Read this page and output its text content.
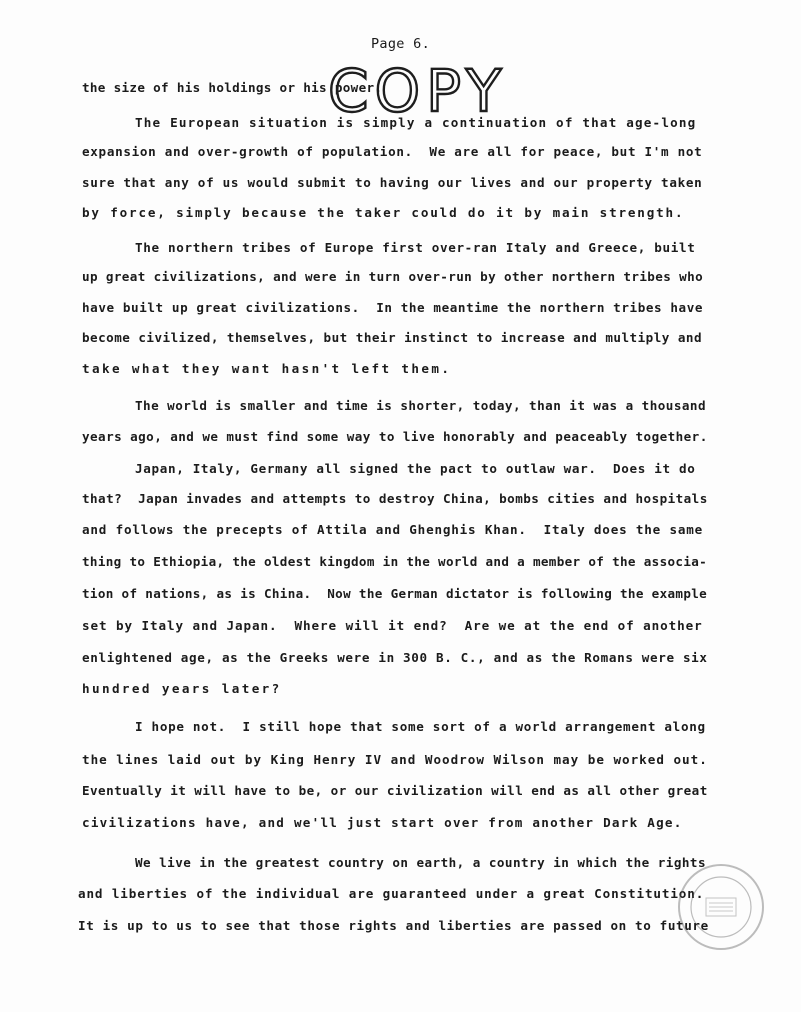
Page 6.
the size of his holdings or his power.
The European situation is simply a continuation of that age-long
expansion and over-growth of population.  We are all for peace, but I'm not
sure that any of us would submit to having our lives and our property taken
by force, simply because the taker could do it by main strength.
The northern tribes of Europe first over-ran Italy and Greece, built
up great civilizations, and were in turn over-run by other northern tribes who
have built up great civilizations.  In the meantime the northern tribes have
become civilized, themselves, but their instinct to increase and multiply and
take what they want hasn't left them.
The world is smaller and time is shorter, today, than it was a thousand
years ago, and we must find some way to live honorably and peaceably together.
Japan, Italy, Germany all signed the pact to outlaw war.  Does it do
that?  Japan invades and attempts to destroy China, bombs cities and hospitals
and follows the precepts of Attila and Ghenghis Khan.  Italy does the same
thing to Ethiopia, the oldest kingdom in the world and a member of the associa-
tion of nations, as is China.  Now the German dictator is following the example
set by Italy and Japan.  Where will it end?  Are we at the end of another
enlightened age, as the Greeks were in 300 B. C., and as the Romans were six
hundred years later?
I hope not.  I still hope that some sort of a world arrangement along
the lines laid out by King Henry IV and Woodrow Wilson may be worked out.
Eventually it will have to be, or our civilization will end as all other great
civilizations have, and we'll just start over from another Dark Age.
We live in the greatest country on earth, a country in which the rights
and liberties of the individual are guaranteed under a great Constitution.
It is up to us to see that those rights and liberties are passed on to future
COPY
